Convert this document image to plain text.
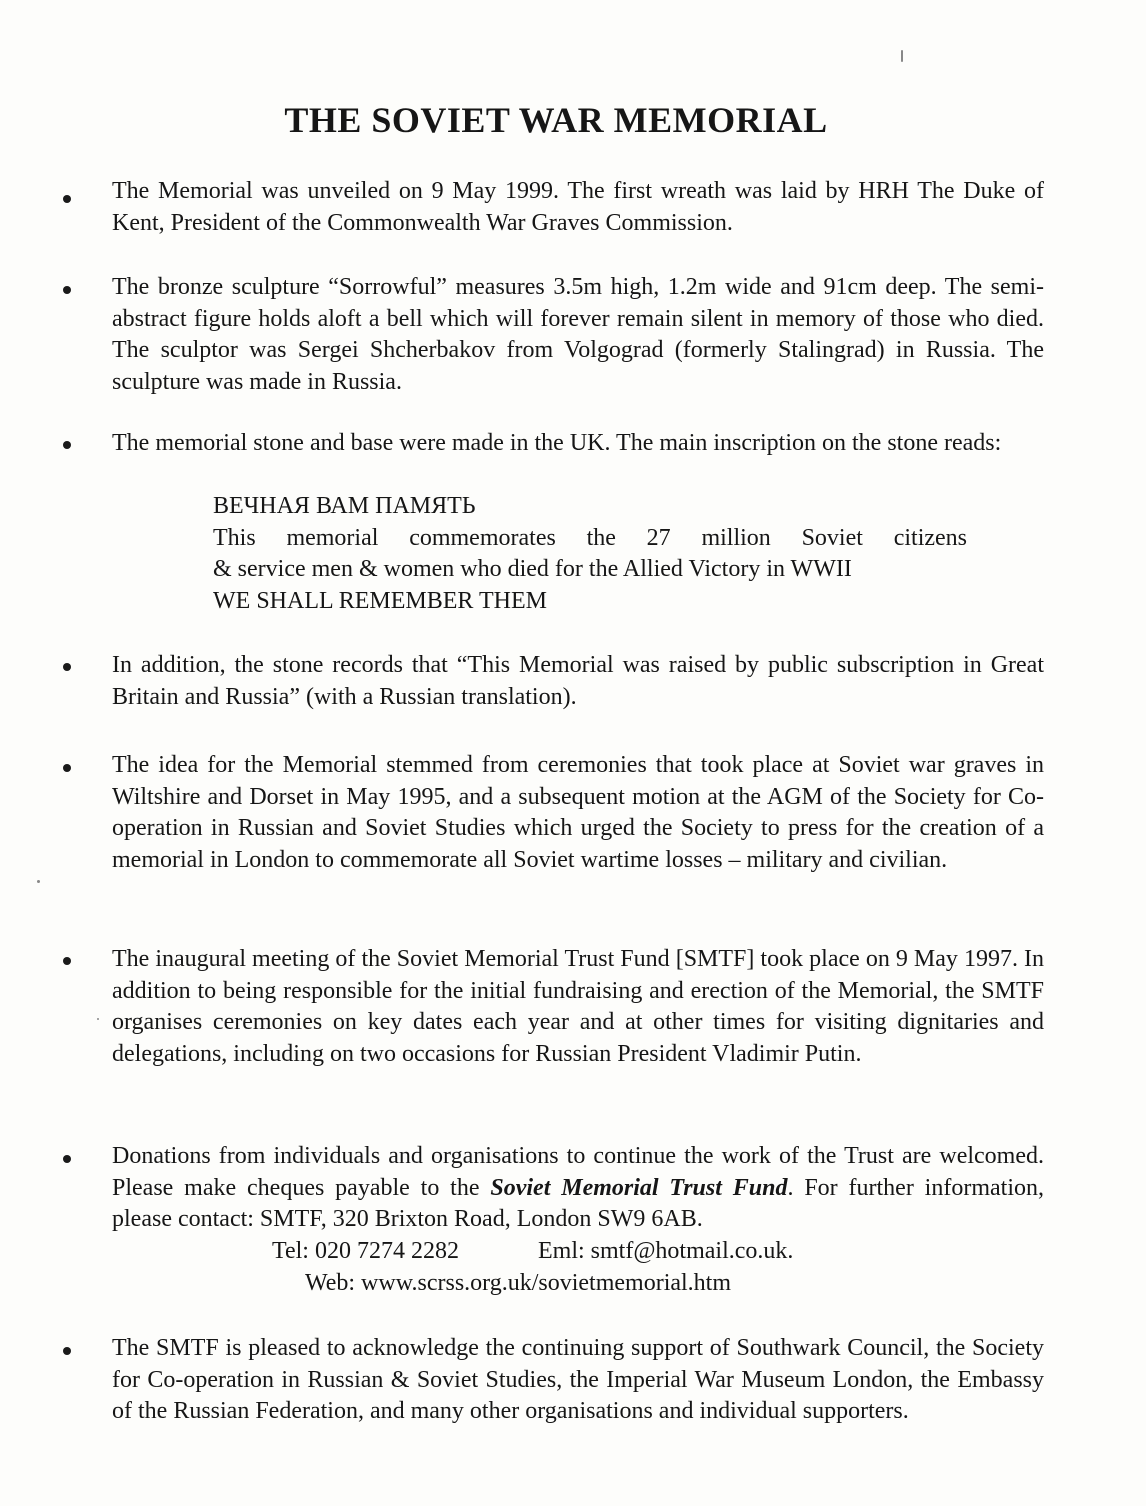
THE SOVIET WAR MEMORIAL

The Memorial was unveiled on 9 May 1999. The first wreath was laid by HRH The Duke of Kent, President of the Commonwealth War Graves Commission.

The bronze sculpture “Sorrowful” measures 3.5m high, 1.2m wide and 91cm deep. The semi-abstract figure holds aloft a bell which will forever remain silent in memory of those who died. The sculptor was Sergei Shcherbakov from Volgograd (formerly Stalingrad) in Russia. The sculpture was made in Russia.

The memorial stone and base were made in the UK. The main inscription on the stone reads:

ВЕЧНАЯ ВАМ ПАМЯТЬ
This memorial commemorates the 27 million Soviet citizens
& service men & women who died for the Allied Victory in WWII
WE SHALL REMEMBER THEM

In addition, the stone records that “This Memorial was raised by public subscription in Great Britain and Russia” (with a Russian translation).

The idea for the Memorial stemmed from ceremonies that took place at Soviet war graves in Wiltshire and Dorset in May 1995, and a subsequent motion at the AGM of the Society for Co-operation in Russian and Soviet Studies which urged the Society to press for the creation of a memorial in London to commemorate all Soviet wartime losses – military and civilian.

The inaugural meeting of the Soviet Memorial Trust Fund [SMTF] took place on 9 May 1997. In addition to being responsible for the initial fundraising and erection of the Memorial, the SMTF organises ceremonies on key dates each year and at other times for visiting dignitaries and delegations, including on two occasions for Russian President Vladimir Putin.

Donations from individuals and organisations to continue the work of the Trust are welcomed. Please make cheques payable to the Soviet Memorial Trust Fund. For further information, please contact: SMTF, 320 Brixton Road, London SW9 6AB.

Tel: 020 7274 2282	Eml: smtf@hotmail.co.uk.

Web: www.scrss.org.uk/sovietmemorial.htm

The SMTF is pleased to acknowledge the continuing support of Southwark Council, the Society for Co-operation in Russian & Soviet Studies, the Imperial War Museum London, the Embassy of the Russian Federation, and many other organisations and individual supporters.
